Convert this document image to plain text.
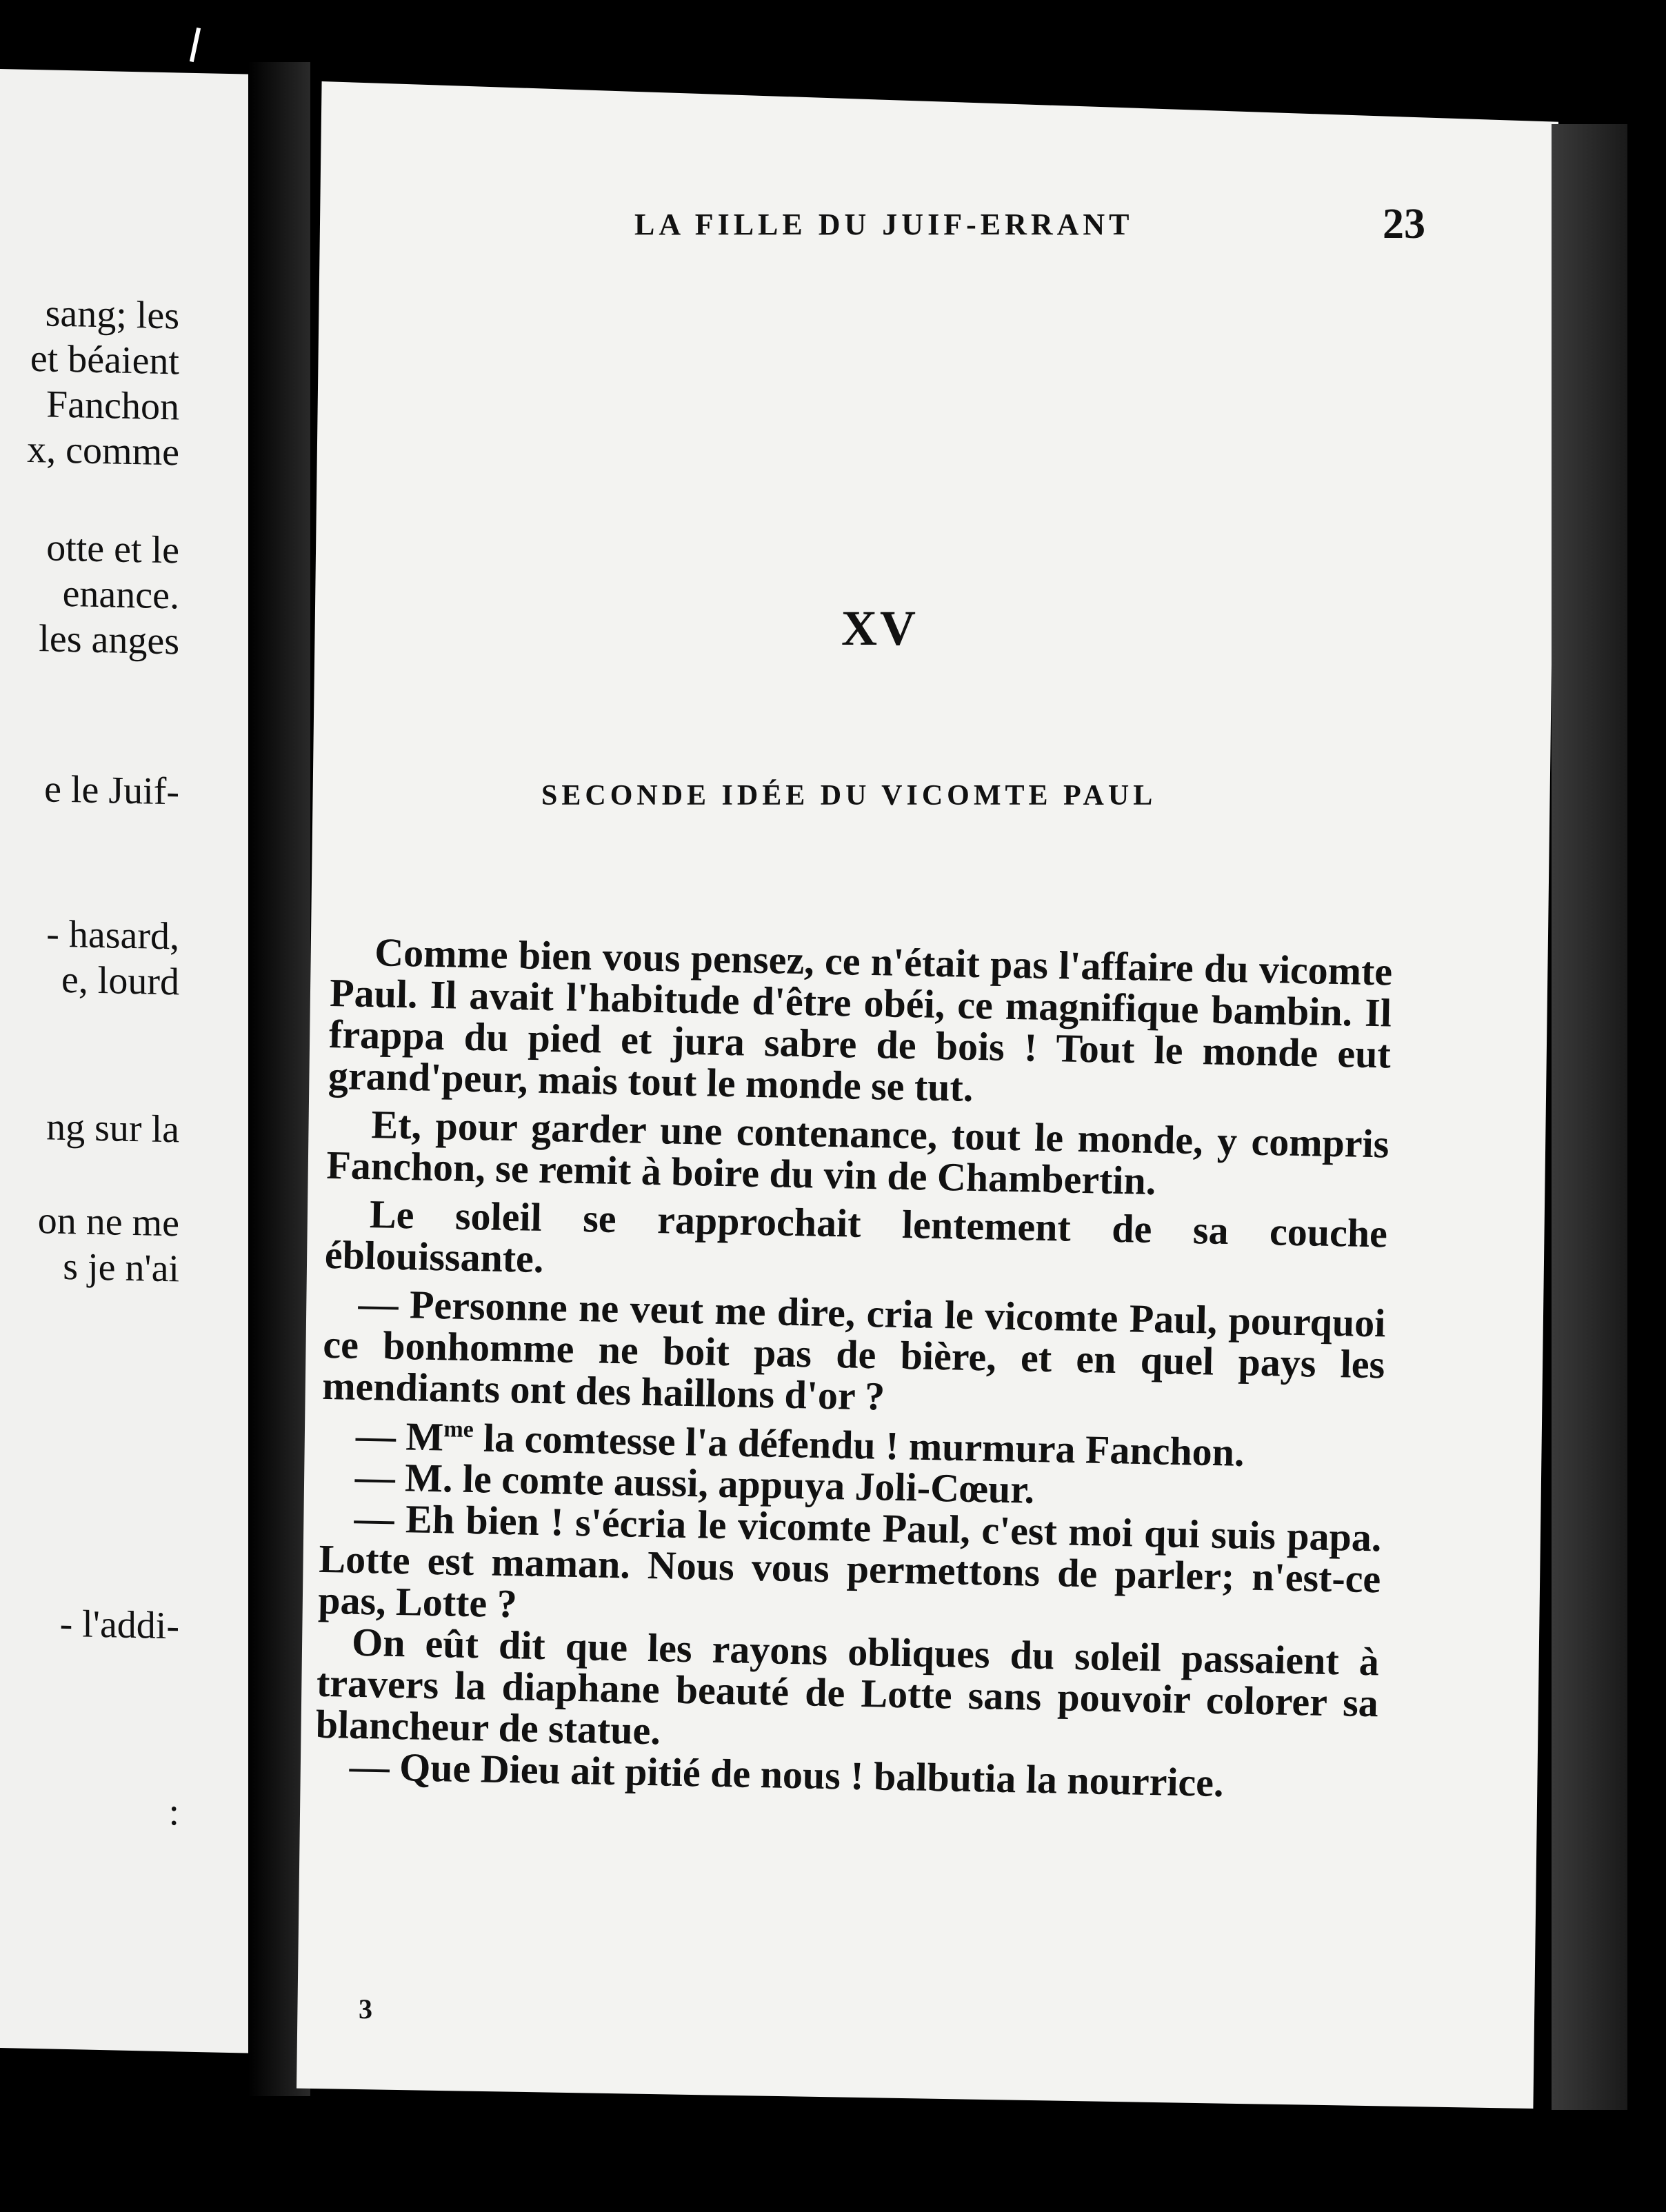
sang; les
et béaient
Fanchon
x, comme
otte et le
enance.
les anges
e le Juif-
- hasard,
e, lourd
ng sur la
on ne me
s je n'ai
- l'addi-
:
LA FILLE DU JUIF-ERRANT	23
XV
SECONDE IDÉE DU VICOMTE PAUL

Comme bien vous pensez, ce n'était pas l'affaire du vicomte Paul. Il avait l'habitude d'être obéi, ce magnifique bambin. Il frappa du pied et jura sabre de bois ! Tout le monde eut grand'peur, mais tout le monde se tut.

Et, pour garder une contenance, tout le monde, y compris Fanchon, se remit à boire du vin de Chambertin.

Le soleil se rapprochait lentement de sa couche éblouissante.

— Personne ne veut me dire, cria le vicomte Paul, pourquoi ce bonhomme ne boit pas de bière, et en quel pays les mendiants ont des haillons d'or ?

— $M^{me}$ la comtesse l'a défendu ! murmura Fanchon.

— M. le comte aussi, appuya Joli-Cœur.

— Eh bien ! s'écria le vicomte Paul, c'est moi qui suis papa. Lotte est maman. Nous vous permettons de parler; n'est-ce pas, Lotte ?

On eût dit que les rayons obliques du soleil passaient à travers la diaphane beauté de Lotte sans pouvoir colorer sa blancheur de statue.

— Que Dieu ait pitié de nous ! balbutia la nourrice.

3
